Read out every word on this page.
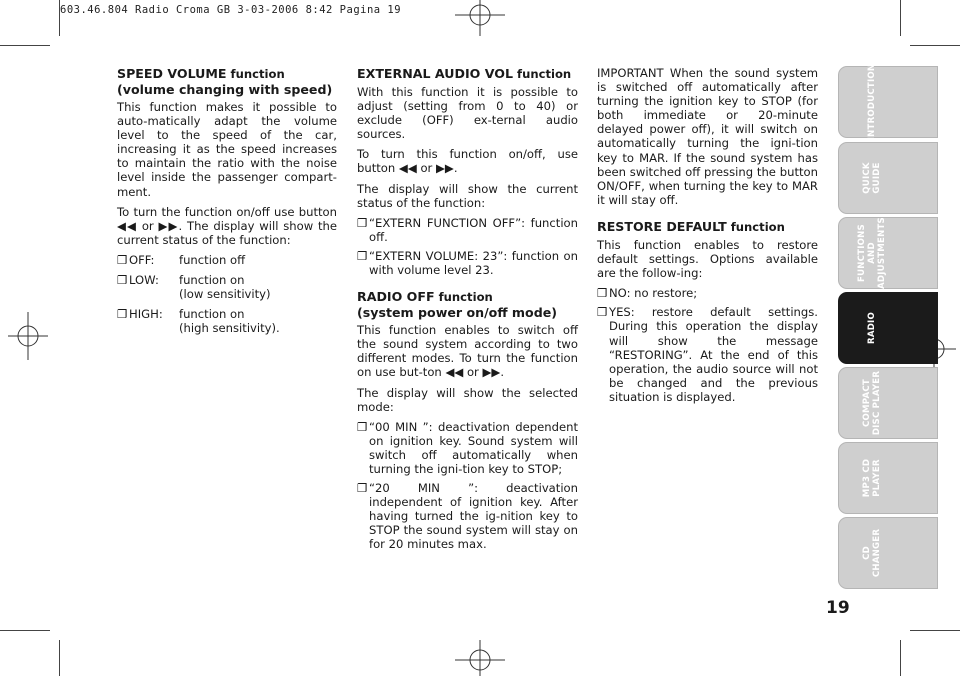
603.46.804 Radio Croma GB 3-03-2006 8:42 Pagina 19
SPEED VOLUME function
(volume changing with speed)

This function makes it possible to auto-matically adapt the volume level to the speed of the car, increasing it as the speed increases to maintain the ratio with the noise level inside the passenger compart-ment.

To turn the function on/off use button ◀◀ or ▶▶. The display will show the current status of the function:

❐ OFF:	function off
❐ LOW:	function on
(low sensitivity)
❐ HIGH:	function on
(high sensitivity).
EXTERNAL AUDIO VOL function

With this function it is possible to adjust (setting from 0 to 40) or exclude (OFF) ex-ternal audio sources.

To turn this function on/off, use button ◀◀ or ▶▶.

The display will show the current status of the function:

❐ “EXTERN FUNCTION OFF”: function off.
❐ “EXTERN VOLUME: 23”: function on with volume level 23.
RADIO OFF function
(system power on/off mode)

This function enables to switch off the sound system according to two different modes. To turn the function on use but-ton ◀◀ or ▶▶.

The display will show the selected mode:

❐ “00 MIN ”: deactivation dependent on ignition key. Sound system will switch off automatically when turning the igni-tion key to STOP;
❐ “20 MIN ”: deactivation independent of ignition key. After having turned the ig-nition key to STOP the sound system will stay on for 20 minutes max.

IMPORTANT When the sound system is switched off automatically after turning the ignition key to STOP (for both immediate or 20-minute delayed power off), it will switch on automatically turning the igni-tion key to MAR. If the sound system has been switched off pressing the button ON/OFF, when turning the key to MAR it will stay off.

RESTORE DEFAULT function

This function enables to restore default settings. Options available are the follow-ing:

❐ NO: no restore;
❐ YES: restore default settings. During this operation the display will show the message “RESTORING”. At the end of this operation, the audio source will not be changed and the previous situation is displayed.
INTRODUCTION
QUICK
GUIDE
FUNCTIONS AND
ADJUSTMENTS
RADIO
COMPACT
DISC PLAYER
MP3 CD
PLAYER
CD
CHANGER
19
